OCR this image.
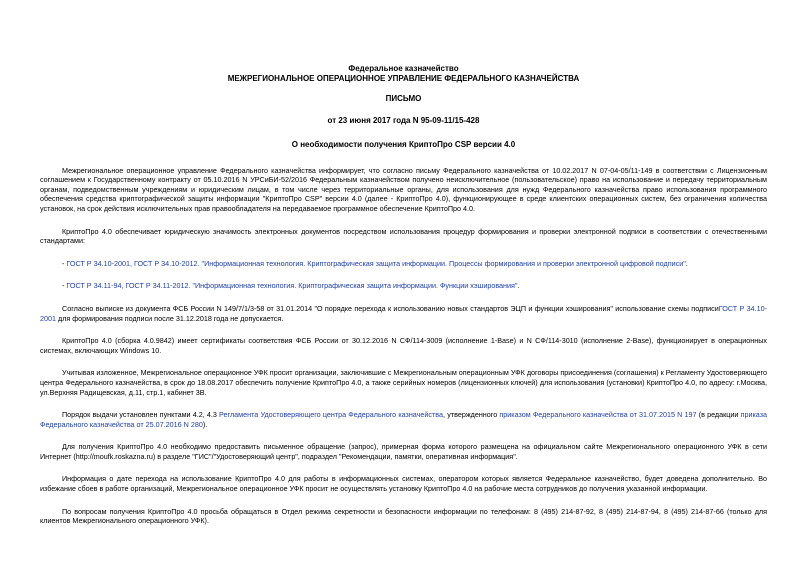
Федеральное казначейство
МЕЖРЕГИОНАЛЬНОЕ ОПЕРАЦИОННОЕ УПРАВЛЕНИЕ ФЕДЕРАЛЬНОГО КАЗНАЧЕЙСТВА
ПИСЬМО
от 23 июня 2017 года N 95-09-11/15-428
О необходимости получения КриптоПро CSP версии 4.0

Межрегиональное операционное управление Федерального казначейства информирует, что согласно письму Федерального казначейства от 10.02.2017 N 07-04-05/11-149 в соответствии с Лицензионным соглашением к Государственному контракту от 05.10.2016 N УРСиБИ-52/2016 Федеральным казначейством получено неисключительное (пользовательское) право на использование и передачу территориальным органам, подведомственным учреждениям и юридическим лицам, в том числе через территориальные органы, для использования для нужд Федерального казначейства право использования программного обеспечения средства криптографической защиты информации "КриптоПро CSP" версии 4.0 (далее - КриптоПро 4.0), функционирующее в среде клиентских операционных систем, без ограничения количества установок, на срок действия исключительных прав правообладателя на передаваемое программное обеспечение КриптоПро 4.0.

КриптоПро 4.0 обеспечивает юридическую значимость электронных документов посредством использования процедур формирования и проверки электронной подписи в соответствии с отечественными стандартами:

- ГОСТ Р 34.10-2001, ГОСТ Р 34.10-2012. "Информационная технология. Криптографическая защита информации. Процессы формирования и проверки электронной цифровой подписи".

- ГОСТ Р 34.11-94, ГОСТ Р 34.11-2012. "Информационная технология. Криптографическая защита информации. Функции хэширования".

Согласно выписке из документа ФСБ России N 149/7/1/3-58 от 31.01.2014 "О порядке перехода к использованию новых стандартов ЭЦП и функции хэширования" использование схемы подписиГОСТ Р 34.10-2001 для формирования подписи после 31.12.2018 года не допускается.

КриптоПро 4.0 (сборка 4.0.9842) имеет сертификаты соответствия ФСБ России от 30.12.2016 N СФ/114-3009 (исполнение 1-Base) и N СФ/114-3010 (исполнение 2-Base), функционирует в операционных системах, включающих Windows 10.

Учитывая изложенное, Межрегиональное операционное УФК просит организации, заключившие с Межрегиональным операционным УФК договоры присоединения (соглашения) к Регламенту Удостоверяющего центра Федерального казначейства, в срок до 18.08.2017 обеспечить получение КриптоПро 4.0, а также серийных номеров (лицензионных ключей) для использования (установки) КриптоПро 4.0, по адресу: г.Москва, ул.Верхняя Радищевская, д.11, стр.1, кабинет 3В.

Порядок выдачи установлен пунктами 4.2, 4.3 Регламента Удостоверяющего центра Федерального казначейства, утвержденного приказом Федерального казначейства от 31.07.2015 N 197 (в редакции приказа Федерального казначейства от 25.07.2016 N 280).

Для получения КриптоПро 4.0 необходимо предоставить письменное обращение (запрос), примерная форма которого размещена на официальном сайте Межрегионального операционного УФК в сети Интернет (http://moufk.roskazna.ru) в разделе "ГИС"/"Удостоверяющий центр", подраздел "Рекомендации, памятки, оперативная информация".

Информация о дате перехода на использование КриптоПро 4.0 для работы в информационных системах, оператором которых является Федеральное казначейство, будет доведена дополнительно. Во избежание сбоев в работе организаций, Межрегиональное операционное УФК просит не осуществлять установку КриптоПро 4.0 на рабочие места сотрудников до получения указанной информации.

По вопросам получения КриптоПро 4.0 просьба обращаться в Отдел режима секретности и безопасности информации по телефонам: 8 (495) 214-87-92, 8 (495) 214-87-94, 8 (495) 214-87-66 (только для клиентов Межрегионального операционного УФК).
